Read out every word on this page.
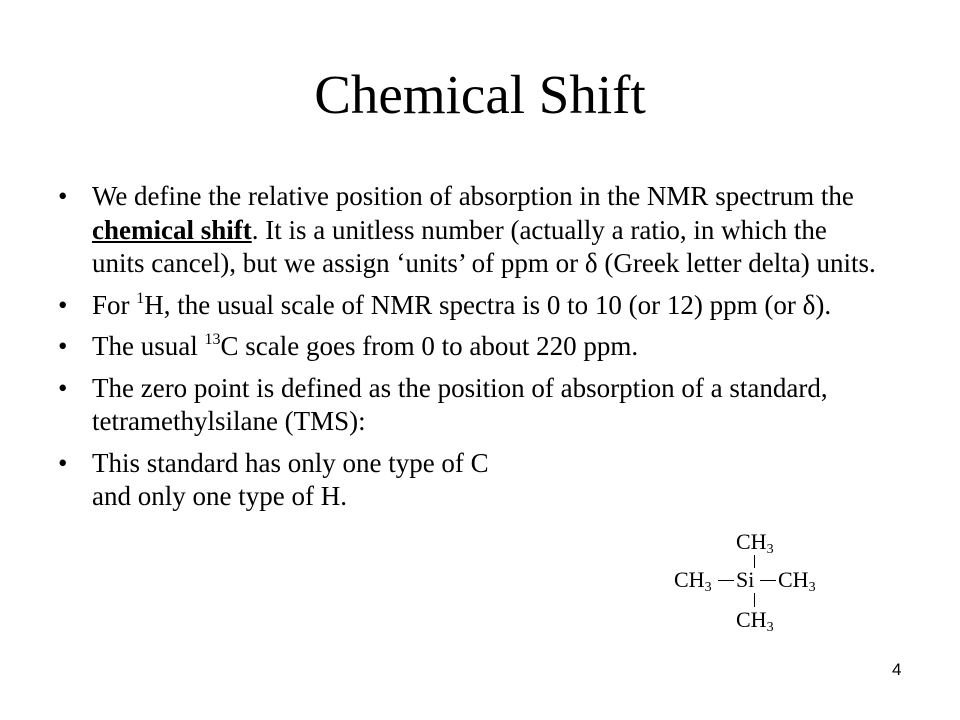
Chemical Shift
• We define the relative position of absorption in the NMR spectrum the chemical shift. It is a unitless number (actually a ratio, in which the units cancel), but we assign ‘units’ of ppm or δ (Greek letter delta) units.
• For $^1$H, the usual scale of NMR spectra is 0 to 10 (or 12) ppm (or δ).
• The usual $^{13}$C scale goes from 0 to about 220 ppm.
• The zero point is defined as the position of absorption of a standard, tetramethylsilane (TMS):
• This standard has only one type of C and only one type of H.
$CH_3$
$CH_3$ Si $CH_3$
$CH_3$
4
